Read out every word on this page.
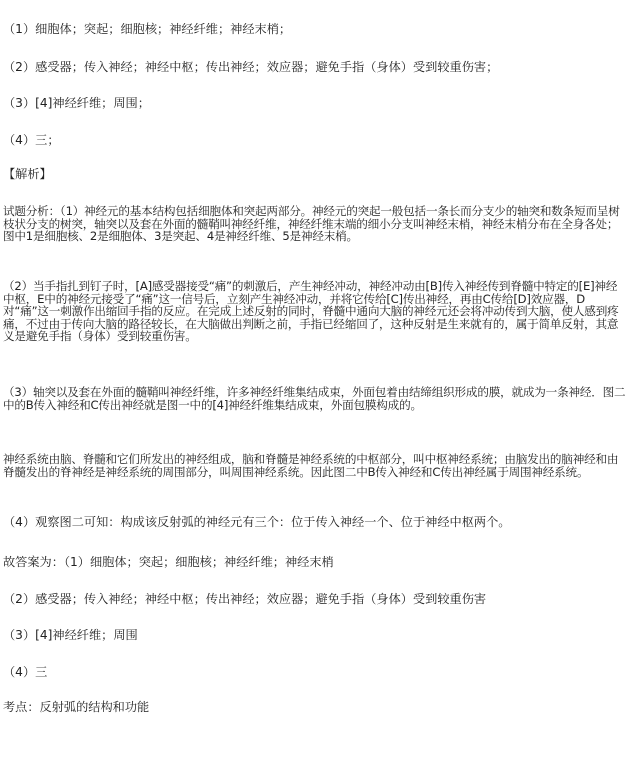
（1）细胞体；突起；细胞核；神经纤维；神经末梢；
（2）感受器；传入神经；神经中枢；传出神经；效应器；避免手指（身体）受到较重伤害；
（3）[4]神经纤维；周围；
（4）三；
【解析】
试题分析：（1）神经元的基本结构包括细胞体和突起两部分。神经元的突起一般包括一条长而分支少的轴突和数条短而呈树枝状分支的树突，轴突以及套在外面的髓鞘叫神经纤维，神经纤维末端的细小分支叫神经末梢，神经末梢分布在全身各处；图中1是细胞核、2是细胞体、3是突起、4是神经纤维、5是神经末梢。
（2）当手指扎到钉子时，[A]感受器接受“痛”的刺激后，产生神经冲动，神经冲动由[B]传入神经传到脊髓中特定的[E]神经中枢，E中的神经元接受了“痛”这一信号后，立刻产生神经冲动，并将它传给[C]传出神经，再由C传给[D]效应器，D对“痛”这一刺激作出缩回手指的反应。在完成上述反射的同时，脊髓中通向大脑的神经元还会将冲动传到大脑，使人感到疼痛，不过由于传向大脑的路径较长，在大脑做出判断之前，手指已经缩回了，这种反射是生来就有的，属于简单反射，其意义是避免手指（身体）受到较重伤害。
（3）轴突以及套在外面的髓鞘叫神经纤维，许多神经纤维集结成束，外面包着由结缔组织形成的膜，就成为一条神经．图二中的B传入神经和C传出神经就是图一中的[4]神经纤维集结成束，外面包膜构成的。
神经系统由脑、脊髓和它们所发出的神经组成，脑和脊髓是神经系统的中枢部分，叫中枢神经系统；由脑发出的脑神经和由脊髓发出的脊神经是神经系统的周围部分，叫周围神经系统。因此图二中B传入神经和C传出神经属于周围神经系统。
（4）观察图二可知：构成该反射弧的神经元有三个：位于传入神经一个、位于神经中枢两个。
故答案为：（1）细胞体；突起；细胞核；神经纤维；神经末梢
（2）感受器；传入神经；神经中枢；传出神经；效应器；避免手指（身体）受到较重伤害
（3）[4]神经纤维；周围
（4）三
考点：反射弧的结构和功能
